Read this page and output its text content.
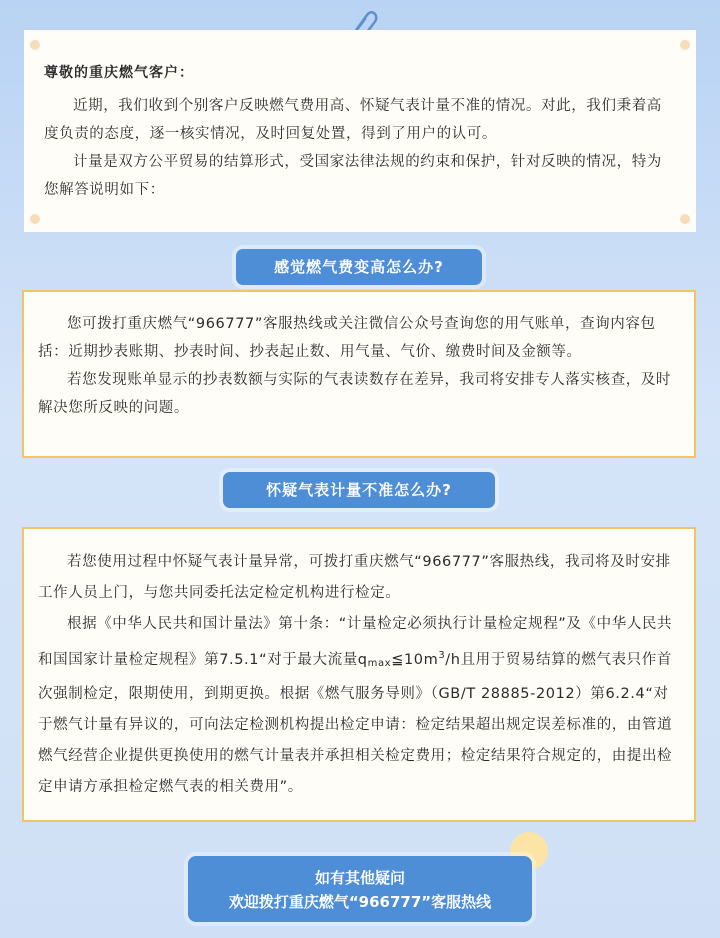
尊敬的重庆燃气客户：

近期，我们收到个别客户反映燃气费用高、怀疑气表计量不准的情况。对此，我们秉着高度负责的态度，逐一核实情况，及时回复处置，得到了用户的认可。

计量是双方公平贸易的结算形式，受国家法律法规的约束和保护，针对反映的情况，特为您解答说明如下：

感觉燃气费变高怎么办?

您可拨打重庆燃气“966777”客服热线或关注微信公众号查询您的用气账单，查询内容包括：近期抄表账期、抄表时间、抄表起止数、用气量、气价、缴费时间及金额等。

若您发现账单显示的抄表数额与实际的气表读数存在差异，我司将安排专人落实核查，及时解决您所反映的问题。

怀疑气表计量不准怎么办?

若您使用过程中怀疑气表计量异常，可拨打重庆燃气“966777”客服热线，我司将及时安排工作人员上门，与您共同委托法定检定机构进行检定。

根据《中华人民共和国计量法》第十条：“计量检定必须执行计量检定规程”及《中华人民共和国国家计量检定规程》第7.5.1“对于最大流量$q_{max}≦10m^3/h$且用于贸易结算的燃气表只作首次强制检定，限期使用，到期更换。根据《燃气服务导则》（GB/T 28885-2012）第6.2.4“对于燃气计量有异议的，可向法定检测机构提出检定申请：检定结果超出规定误差标准的，由管道燃气经营企业提供更换使用的燃气计量表并承担相关检定费用；检定结果符合规定的，由提出检定申请方承担检定燃气表的相关费用”。

如有其他疑问
欢迎拨打重庆燃气“966777”客服热线
